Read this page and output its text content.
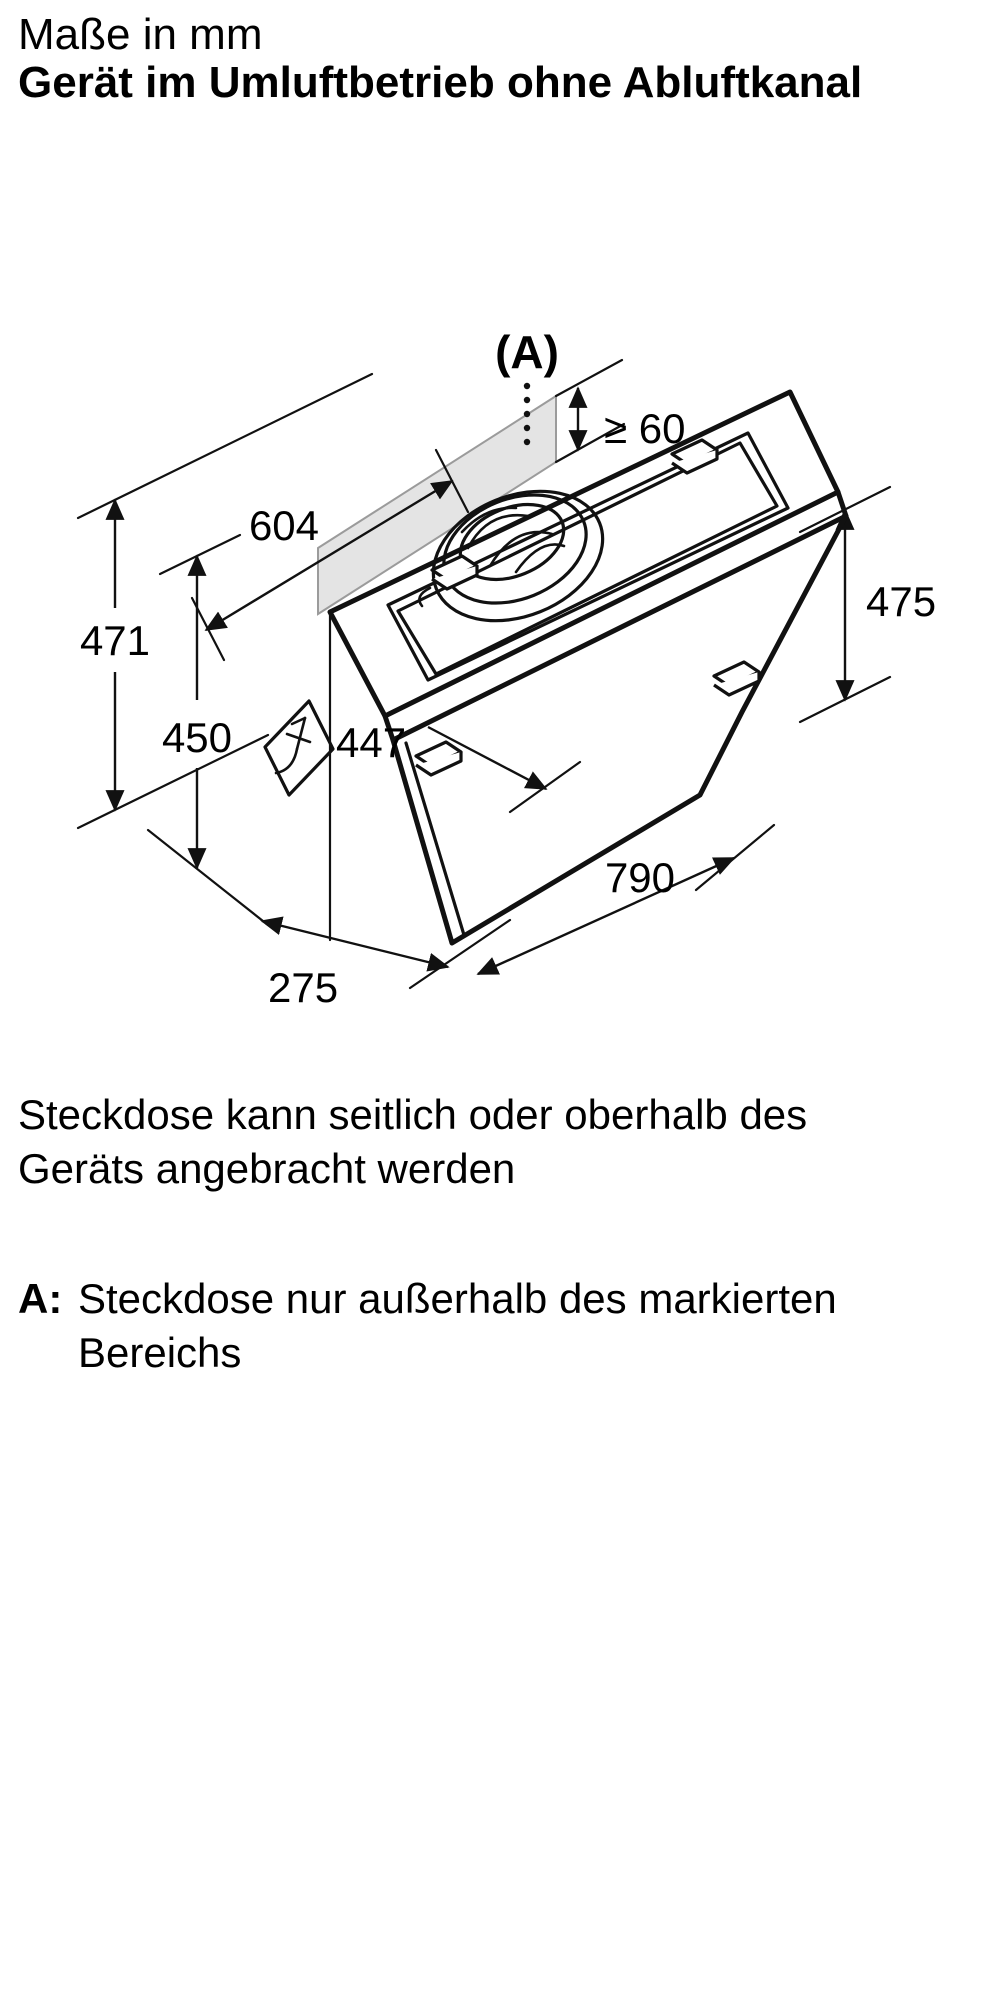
Maße in mm
Gerät im Umluftbetrieb ohne Abluftkanal
(A)
≥ 60
604
471
450 447
475
790
275
Steckdose kann seitlich oder oberhalb des
Geräts angebracht werden
A: Steckdose nur außerhalb des markierten
Bereichs
